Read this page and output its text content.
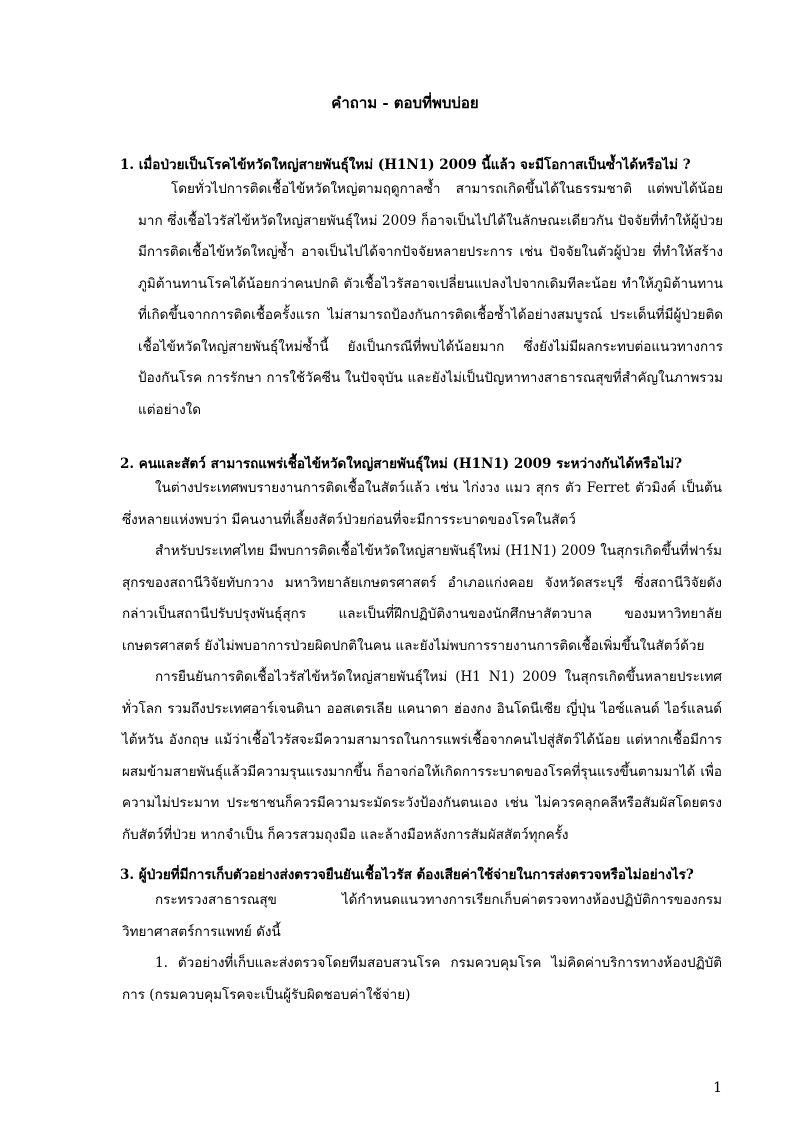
คำถาม - ตอบที่พบบ่อย
1. เมื่อป่วยเป็นโรคไข้หวัดใหญ่สายพันธุ์ใหม่ (H1N1) 2009 นี้แล้ว จะมีโอกาสเป็นซ้ำได้หรือไม่ ?
โดยทั่วไปการติดเชื้อไข้หวัดใหญ่ตามฤดูกาลซ้ำ สามารถเกิดขึ้นได้ในธรรมชาติ แต่พบได้น้อยมาก ซึ่งเชื้อไวรัสไข้หวัดใหญ่สายพันธุ์ใหม่ 2009 ก็อาจเป็นไปได้ในลักษณะเดียวกัน ปัจจัยที่ทำให้ผู้ป่วยมีการติดเชื้อไข้หวัดใหญ่ซ้ำ อาจเป็นไปได้จากปัจจัยหลายประการ เช่น ปัจจัยในตัวผู้ป่วย ที่ทำให้สร้างภูมิต้านทานโรคได้น้อยกว่าคนปกติ ตัวเชื้อไวรัสอาจเปลี่ยนแปลงไปจากเดิมทีละน้อย ทำให้ภูมิต้านทานที่เกิดขึ้นจากการติดเชื้อครั้งแรก ไม่สามารถป้องกันการติดเชื้อซ้ำได้อย่างสมบูรณ์ ประเด็นที่มีผู้ป่วยติดเชื้อไข้หวัดใหญ่สายพันธุ์ใหม่ซ้ำนี้ ยังเป็นกรณีที่พบได้น้อยมาก ซึ่งยังไม่มีผลกระทบต่อแนวทางการป้องกันโรค การรักษา การใช้วัคซีน ในปัจจุบัน และยังไม่เป็นปัญหาทางสาธารณสุขที่สำคัญในภาพรวม แต่อย่างใด
2. คนและสัตว์ สามารถแพร่เชื้อไข้หวัดใหญ่สายพันธุ์ใหม่ (H1N1) 2009 ระหว่างกันได้หรือไม่?
ในต่างประเทศพบรายงานการติดเชื้อในสัตว์แล้ว เช่น ไก่งวง แมว สุกร ตัว Ferret ตัวมิงค์ เป็นต้น ซึ่งหลายแห่งพบว่า มีคนงานที่เลี้ยงสัตว์ป่วยก่อนที่จะมีการระบาดของโรคในสัตว์
สำหรับประเทศไทย มีพบการติดเชื้อไข้หวัดใหญ่สายพันธุ์ใหม่ (H1N1) 2009 ในสุกรเกิดขึ้นที่ฟาร์มสุกรของสถานีวิจัยทับกวาง มหาวิทยาลัยเกษตรศาสตร์ อำเภอแก่งคอย จังหวัดสระบุรี ซึ่งสถานีวิจัยดังกล่าวเป็นสถานีปรับปรุงพันธุ์สุกร และเป็นที่ฝึกปฏิบัติงานของนักศึกษาสัตวบาล ของมหาวิทยาลัยเกษตรศาสตร์ ยังไม่พบอาการป่วยผิดปกติในคน และยังไม่พบการรายงานการติดเชื้อเพิ่มขึ้นในสัตว์ด้วย
การยืนยันการติดเชื้อไวรัสไข้หวัดใหญ่สายพันธุ์ใหม่ (H1 N1) 2009 ในสุกรเกิดขึ้นหลายประเทศทั่วโลก รวมถึงประเทศอาร์เจนตินา ออสเตรเลีย แคนาดา ฮ่องกง อินโดนีเซีย ญี่ปุ่น ไอซ์แลนด์ ไอร์แลนด์ ไต้หวัน อังกฤษ แม้ว่าเชื้อไวรัสจะมีความสามารถในการแพร่เชื้อจากคนไปสู่สัตว์ได้น้อย แต่หากเชื้อมีการผสมข้ามสายพันธุ์แล้วมีความรุนแรงมากขึ้น ก็อาจก่อให้เกิดการระบาดของโรคที่รุนแรงขึ้นตามมาได้ เพื่อความไม่ประมาท ประชาชนก็ควรมีความระมัดระวังป้องกันตนเอง เช่น ไม่ควรคลุกคลีหรือสัมผัสโดยตรงกับสัตว์ที่ป่วย หากจำเป็น ก็ควรสวมถุงมือ และล้างมือหลังการสัมผัสสัตว์ทุกครั้ง
3. ผู้ป่วยที่มีการเก็บตัวอย่างส่งตรวจยืนยันเชื้อไวรัส ต้องเสียค่าใช้จ่ายในการส่งตรวจหรือไม่อย่างไร?
กระทรวงสาธารณสุข ได้กำหนดแนวทางการเรียกเก็บค่าตรวจทางห้องปฏิบัติการของกรมวิทยาศาสตร์การแพทย์ ดังนี้
1. ตัวอย่างที่เก็บและส่งตรวจโดยทีมสอบสวนโรค กรมควบคุมโรค ไม่คิดค่าบริการทางห้องปฏิบัติการ (กรมควบคุมโรคจะเป็นผู้รับผิดชอบค่าใช้จ่าย)
1
